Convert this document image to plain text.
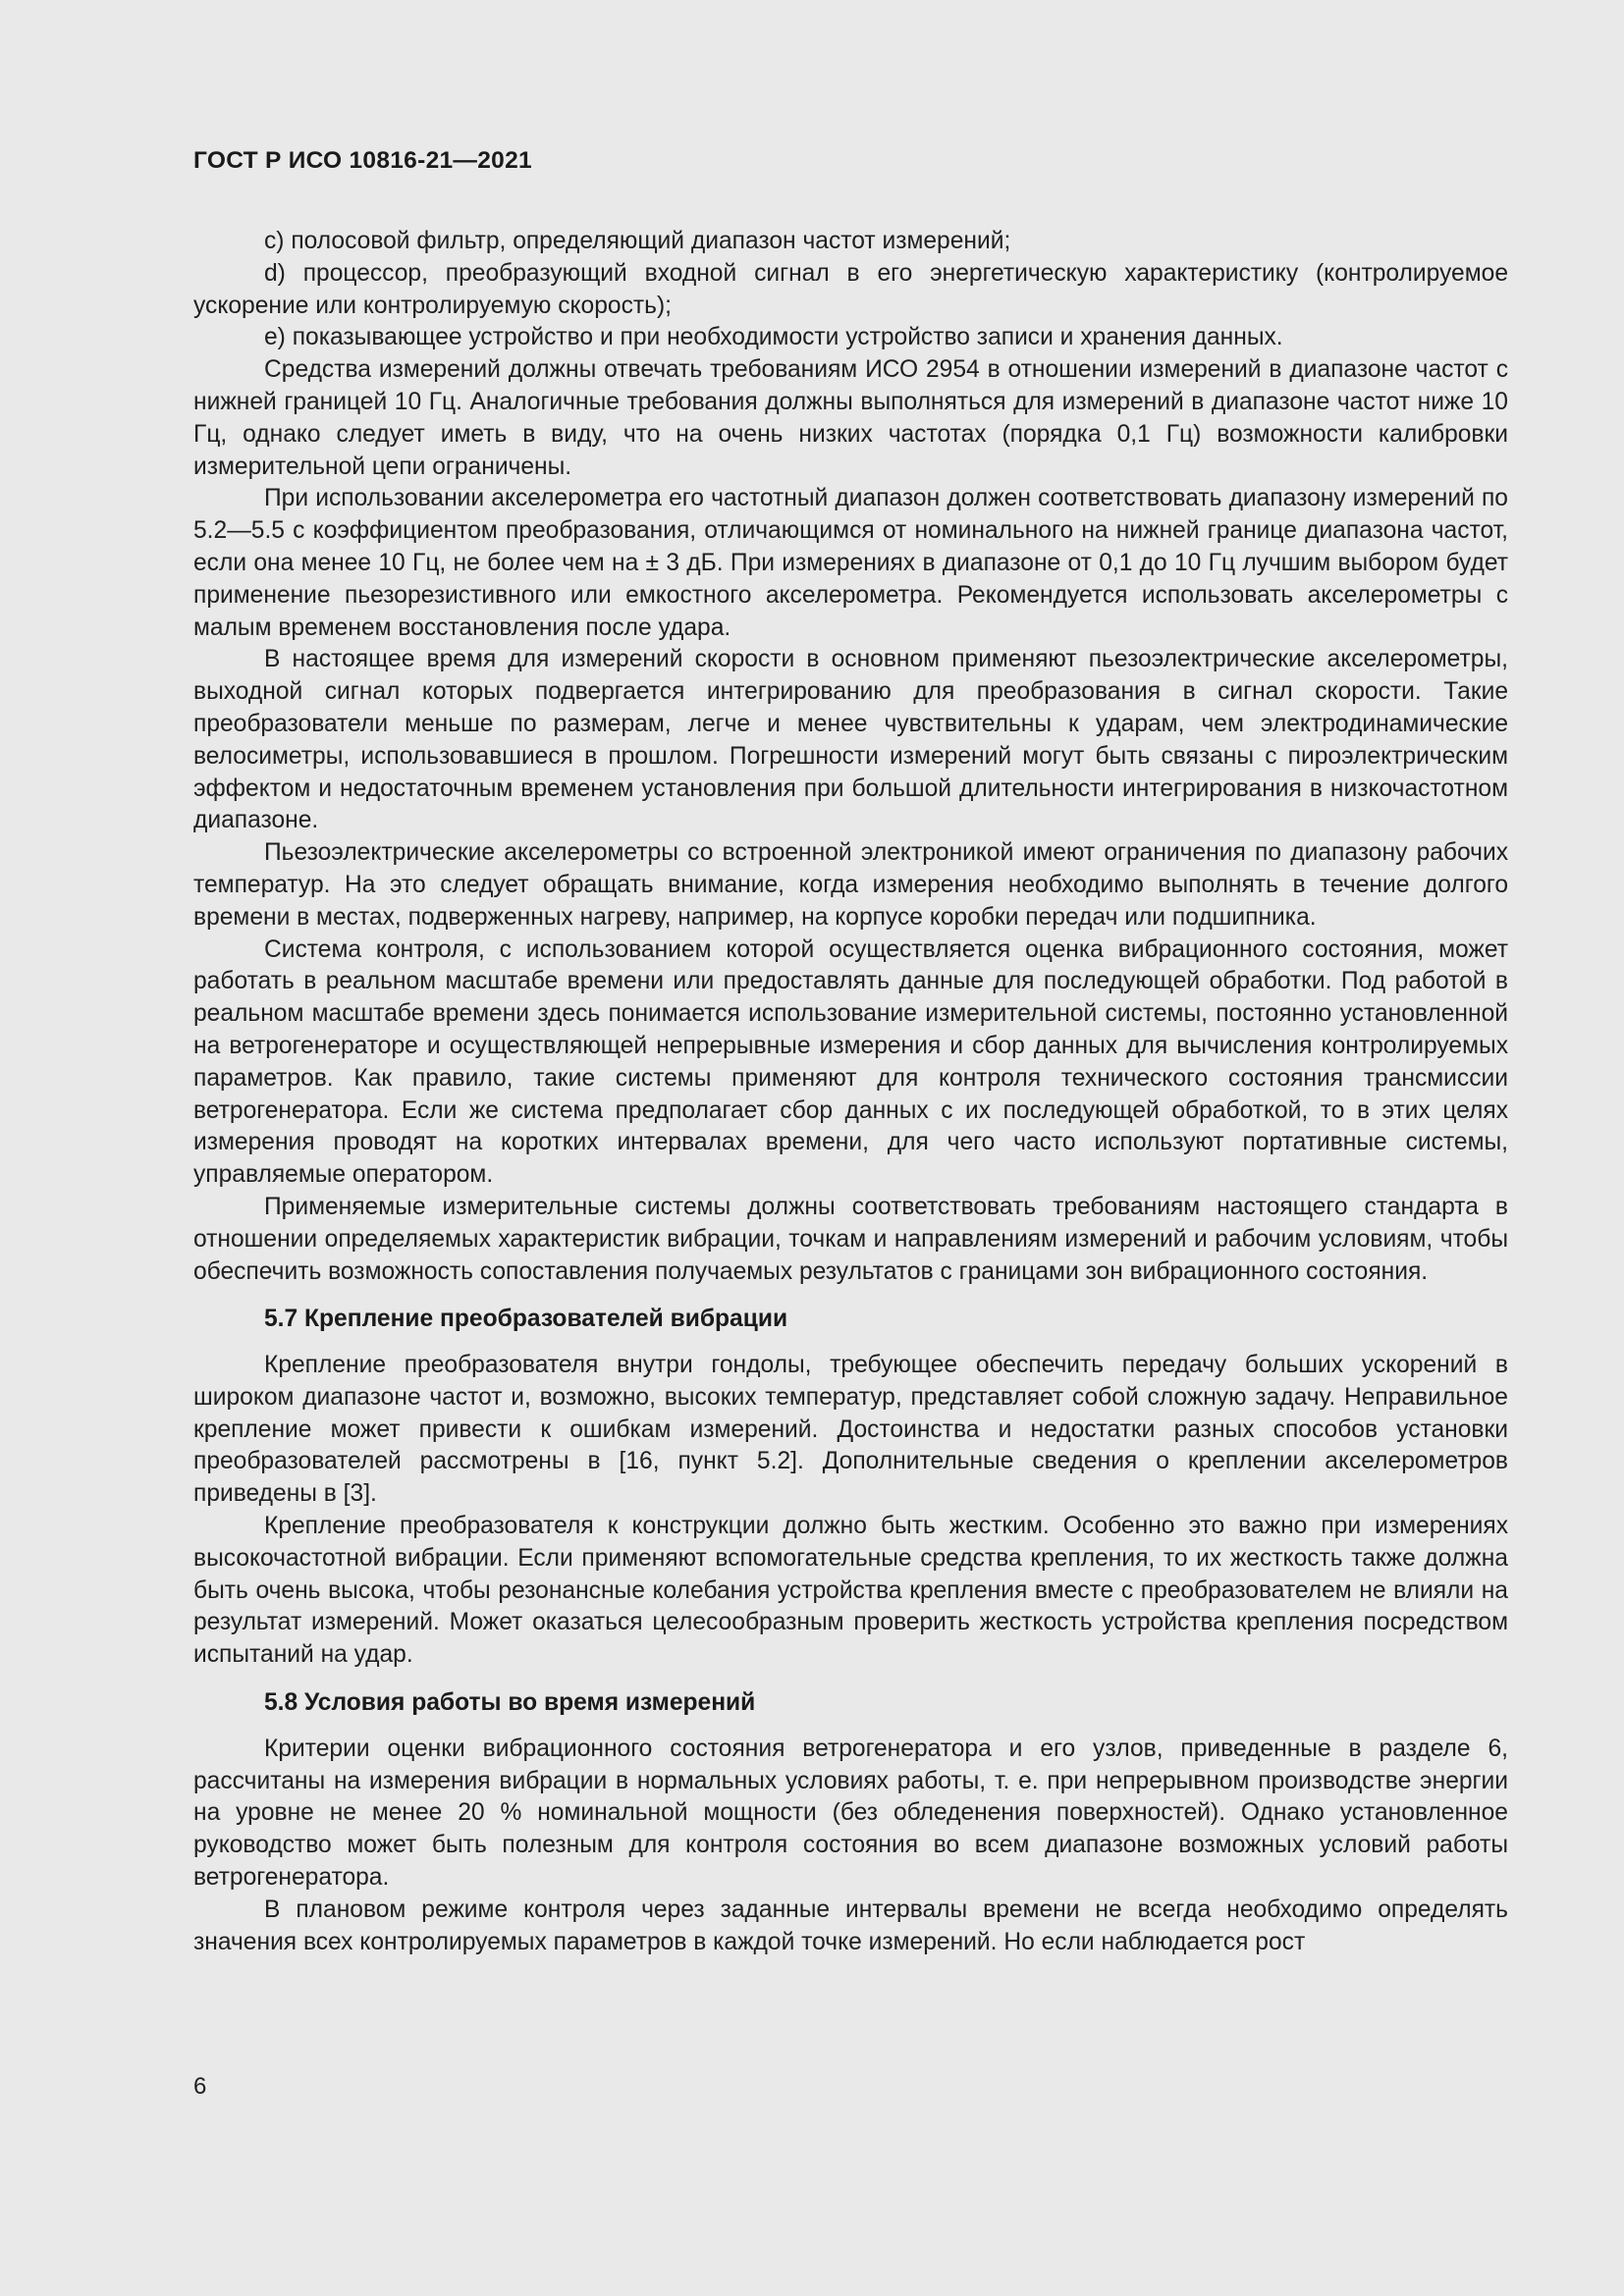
ГОСТ Р ИСО 10816-21—2021

с) полосовой фильтр, определяющий диапазон частот измерений;

d) процессор, преобразующий входной сигнал в его энергетическую характеристику (контролируемое ускорение или контролируемую скорость);

е) показывающее устройство и при необходимости устройство записи и хранения данных.

Средства измерений должны отвечать требованиям ИСО 2954 в отношении измерений в диапазоне частот с нижней границей 10 Гц. Аналогичные требования должны выполняться для измерений в диапазоне частот ниже 10 Гц, однако следует иметь в виду, что на очень низких частотах (порядка 0,1 Гц) возможности калибровки измерительной цепи ограничены.

При использовании акселерометра его частотный диапазон должен соответствовать диапазону измерений по 5.2—5.5 с коэффициентом преобразования, отличающимся от номинального на нижней границе диапазона частот, если она менее 10 Гц, не более чем на ± 3 дБ. При измерениях в диапазоне от 0,1 до 10 Гц лучшим выбором будет применение пьезорезистивного или емкостного акселерометра. Рекомендуется использовать акселерометры с малым временем восстановления после удара.

В настоящее время для измерений скорости в основном применяют пьезоэлектрические акселерометры, выходной сигнал которых подвергается интегрированию для преобразования в сигнал скорости. Такие преобразователи меньше по размерам, легче и менее чувствительны к ударам, чем электродинамические велосиметры, использовавшиеся в прошлом. Погрешности измерений могут быть связаны с пироэлектрическим эффектом и недостаточным временем установления при большой длительности интегрирования в низкочастотном диапазоне.

Пьезоэлектрические акселерометры со встроенной электроникой имеют ограничения по диапазону рабочих температур. На это следует обращать внимание, когда измерения необходимо выполнять в течение долгого времени в местах, подверженных нагреву, например, на корпусе коробки передач или подшипника.

Система контроля, с использованием которой осуществляется оценка вибрационного состояния, может работать в реальном масштабе времени или предоставлять данные для последующей обработки. Под работой в реальном масштабе времени здесь понимается использование измерительной системы, постоянно установленной на ветрогенераторе и осуществляющей непрерывные измерения и сбор данных для вычисления контролируемых параметров. Как правило, такие системы применяют для контроля технического состояния трансмиссии ветрогенератора. Если же система предполагает сбор данных с их последующей обработкой, то в этих целях измерения проводят на коротких интервалах времени, для чего часто используют портативные системы, управляемые оператором.

Применяемые измерительные системы должны соответствовать требованиям настоящего стандарта в отношении определяемых характеристик вибрации, точкам и направлениям измерений и рабочим условиям, чтобы обеспечить возможность сопоставления получаемых результатов с границами зон вибрационного состояния.

5.7 Крепление преобразователей вибрации

Крепление преобразователя внутри гондолы, требующее обеспечить передачу больших ускорений в широком диапазоне частот и, возможно, высоких температур, представляет собой сложную задачу. Неправильное крепление может привести к ошибкам измерений. Достоинства и недостатки разных способов установки преобразователей рассмотрены в [16, пункт 5.2]. Дополнительные сведения о креплении акселерометров приведены в [3].

Крепление преобразователя к конструкции должно быть жестким. Особенно это важно при измерениях высокочастотной вибрации. Если применяют вспомогательные средства крепления, то их жесткость также должна быть очень высока, чтобы резонансные колебания устройства крепления вместе с преобразователем не влияли на результат измерений. Может оказаться целесообразным проверить жесткость устройства крепления посредством испытаний на удар.

5.8 Условия работы во время измерений

Критерии оценки вибрационного состояния ветрогенератора и его узлов, приведенные в разделе 6, рассчитаны на измерения вибрации в нормальных условиях работы, т. е. при непрерывном производстве энергии на уровне не менее 20 % номинальной мощности (без обледенения поверхностей). Однако установленное руководство может быть полезным для контроля состояния во всем диапазоне возможных условий работы ветрогенератора.

В плановом режиме контроля через заданные интервалы времени не всегда необходимо определять значения всех контролируемых параметров в каждой точке измерений. Но если наблюдается рост

6
